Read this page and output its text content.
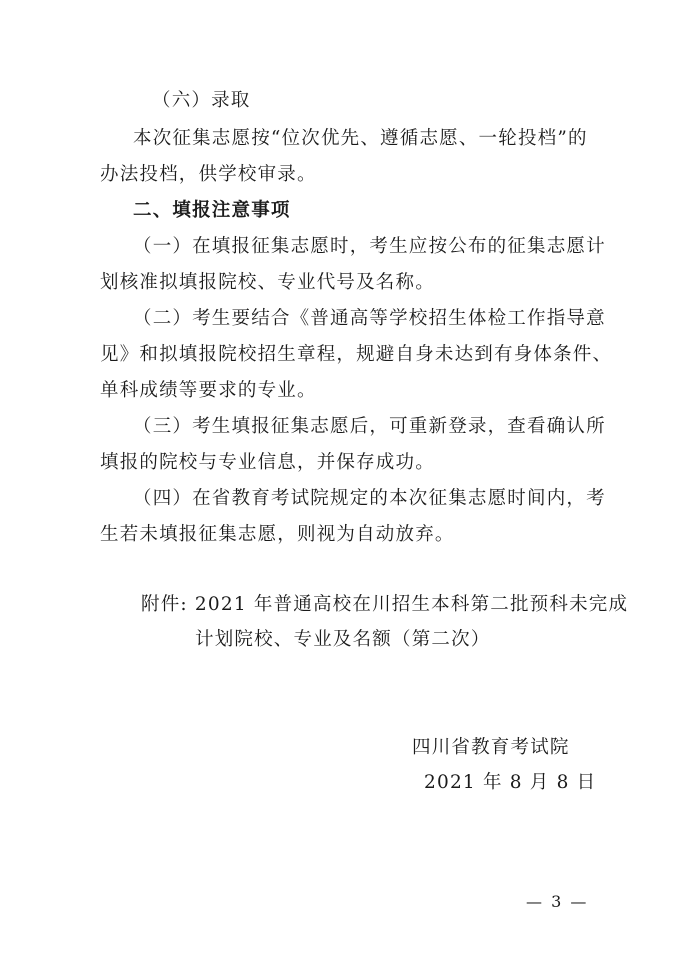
（六）录取
本次征集志愿按“位次优先、遵循志愿、一轮投档”的
办法投档，供学校审录。
二、填报注意事项
（一）在填报征集志愿时，考生应按公布的征集志愿计
划核准拟填报院校、专业代号及名称。
（二）考生要结合《普通高等学校招生体检工作指导意
见》和拟填报院校招生章程，规避自身未达到有身体条件、
单科成绩等要求的专业。
（三）考生填报征集志愿后，可重新登录，查看确认所
填报的院校与专业信息，并保存成功。
（四）在省教育考试院规定的本次征集志愿时间内，考
生若未填报征集志愿，则视为自动放弃。
附件: 2021 年普通高校在川招生本科第二批预科未完成
计划院校、专业及名额（第二次）
四川省教育考试院
2021 年 8 月 8 日
— 3 —
